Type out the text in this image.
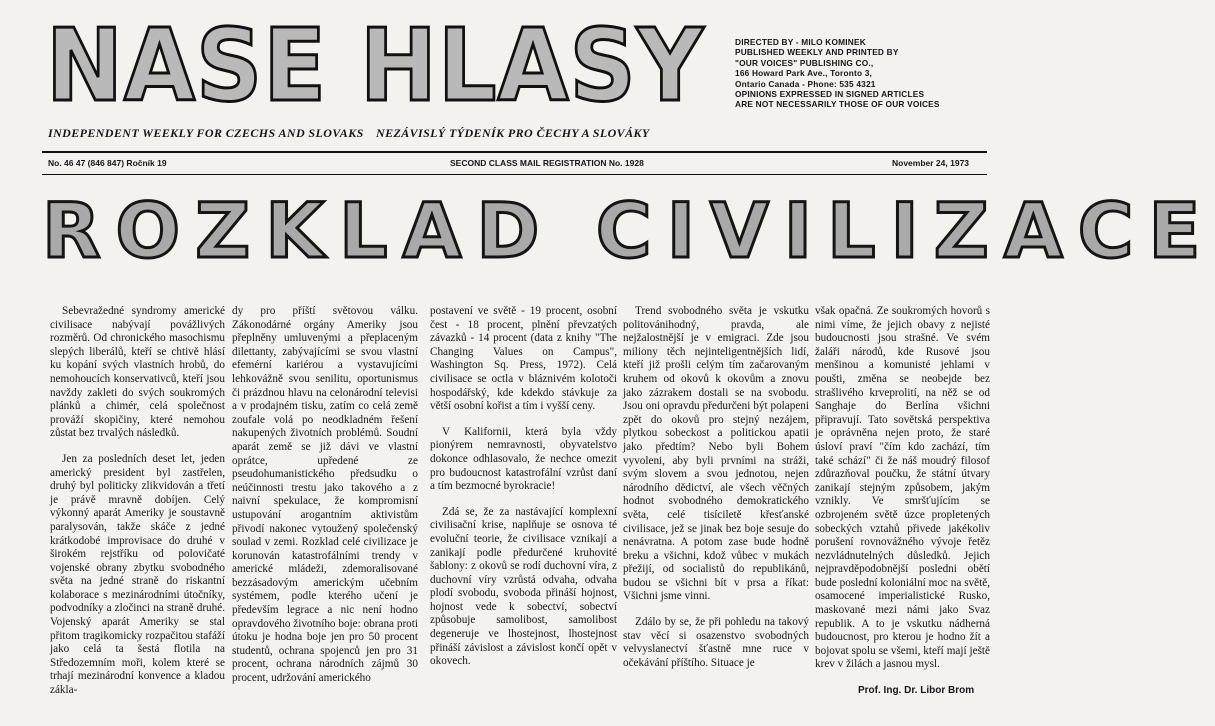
NASE HLASY	DIRECTED BY - MILO KOMINEK
PUBLISHED WEEKLY AND PRINTED BY
"OUR VOICES" PUBLISHING CO.,
166 Howard Park Ave., Toronto 3,
Ontario Canada - Phone: 535 4321
OPINIONS EXPRESSED IN SIGNED ARTICLES
ARE NOT NECESSARILY THOSE OF OUR VOICES
INDEPENDENT WEEKLY FOR CZECHS AND SLOVAKS NEZÁVISLÝ TÝDENÍK PRO ČECHY A SLOVÁKY
No. 46 47 (846 847) Ročník 19	SECOND CLASS MAIL REGISTRATION No. 1928	November 24, 1973
ROZKLAD CIVILIZACE

Sebevražedné syndromy americké civilisace nabývají povážlivých rozměrů. Od chronického masochismu slepých liberálů, kteří se chtivě hlásí ku kopání svých vlastních hrobů, do nemohoucích konservativců, kteří jsou navždy zakleti do svých soukromých plánků a chimér, celá společnost prováží skopičiny, které nemohou zůstat bez trvalých následků.

Jen za posledních deset let, jeden americký president byl zastřelen, druhý byl politicky zlikvidován a třetí je právě mravně dobíjen. Celý výkonný aparát Ameriky je soustavně paralysován, takže skáče z jedné krátkodobé improvisace do druhé v širokém rejstříku od polovičaté vojenské obrany zbytku svobodného světa na jedné straně do riskantní kolaborace s mezinárodními útočníky, podvodníky a zločinci na straně druhé. Vojenský aparát Ameriky se stal přitom tragikomicky rozpačitou stafáží jako celá ta šestá flotila na Středozemním moři, kolem které se trhají mezinárodní konvence a kladou zákla-

dy pro příští světovou válku. Zákonodárné orgány Ameriky jsou přeplněny umluvenými a přeplaceným dilettanty, zabývajícími se svou vlastní efemérní kariérou a vystavujícími lehkovážně svou senilitu, oportunismus či prázdnou hlavu na celonárodní televisi a v prodajném tisku, zatím co celá země zoufale volá po neodkladném řešení nakupených životních problémů. Soudní aparát země se již dávi ve vlastní oprátce, upředené ze pseudohumanistického předsudku o neúčinnosti trestu jako takového a z naivní spekulace, že kompromisní ustupování arogantním aktivistům přivodí nakonec vytoužený společenský soulad v zemi. Rozklad celé civilizace je korunován katastrofálními trendy v americké mládeži, zdemoralisované bezzásadovým americkým učebním systémem, podle kterého učení je především legrace a nic není hodno opravdového životního boje: obrana proti útoku je hodna boje jen pro 50 procent studentů, ochrana spojenců jen pro 31 procent, ochrana národních zájmů 30 procent, udržování amerického

postavení ve světě - 19 procent, osobní čest - 18 procent, plnění převzatých závazků - 14 procent (data z knihy "The Changing Values on Campus", Washington Sq. Press, 1972). Celá civilisace se octla v bláznivém kolotoči hospodářský, kde kdekdo stávkuje za větší osobní kořist a tím i vyšší ceny.

V Kalifornii, která byla vždy pionýrem nemravnosti, obyvatelstvo dokonce odhlasovalo, že nechce omezit pro budoucnost katastrofální vzrůst daní a tím bezmocné byrokracie!

Zdá se, že za nastávající komplexní civilisační krise, naplňuje se osnova té evoluční teorie, že civilisace vznikají a zanikají podle předurčené kruhovité šablony: z okovů se rodí duchovní víra, z duchovní víry vzrůstá odvaha, odvaha plodí svobodu, svoboda přináší hojnost, hojnost vede k sobectví, sobectví způsobuje samolibost, samolibost degeneruje ve lhostejnost, lhostejnost přináší závislost a závislost končí opět v okovech.

Trend svobodného světa je vskutku politovánihodný, pravda, ale nejžalostnější je v emigraci. Zde jsou miliony těch nejinteligentnějších lidí, kteří již prošli celým tím začarovaným kruhem od okovů k okovům a znovu jako zázrakem dostali se na svobodu. Jsou oni opravdu předurčeni být polapeni zpět do okovů pro stejný nezájem, plytkou sobeckost a politickou apatii jako předtím? Nebo byli Bohem vyvoleni, aby byli prvními na stráži, svým slovem a svou jednotou, nejen národního dědictví, ale všech věčných hodnot svobodného demokratického světa, celé tisíciletě křesťanské civilisace, jež se jinak bez boje sesuje do nenávratna. A potom zase bude hodně breku a všichni, kdož vůbec v mukách přežijí, od socialistů do republikánů, budou se všichni bít v prsa a říkat: Všichni jsme vinni.

Zdálo by se, že při pohledu na takový stav věcí si osazenstvo svobodných velvyslanectví šťastně mne ruce v očekávání příštího. Situace je

však opačná. Ze soukromých hovorů s nimi víme, že jejich obavy z nejisté budoucnosti jsou strašné. Ve svém žaláři národů, kde Rusové jsou menšinou a komunisté jehlami v poušti, změna se neobejde bez strašlivého krveprolití, na něž se od Sanghaje do Berlína všichni připravují. Tato sovětská perspektiva je oprávněna nejen proto, že staré úsloví praví "čím kdo zachází, tím také schází" či že náš moudrý filosof zdůrazňoval poučku, že státní útvary zanikají stejným způsobem, jakým vznikly. Ve smršťujícím se ozbrojeném světě úzce propletených sobeckých vztahů přivede jakékoliv porušení rovnovážného vývoje řetěz nezvládnutelných důsledků. Jejich nejpravděpodobnější posledni obětí bude poslední koloniální moc na světě, osamocené imperialistické Rusko, maskované mezi námi jako Svaz republik. A to je vskutku nádherná budoucnost, pro kterou je hodno žít a bojovat spolu se všemi, kteří mají ještě krev v žilách a jasnou mysl.

Prof. Ing. Dr. Libor Brom
